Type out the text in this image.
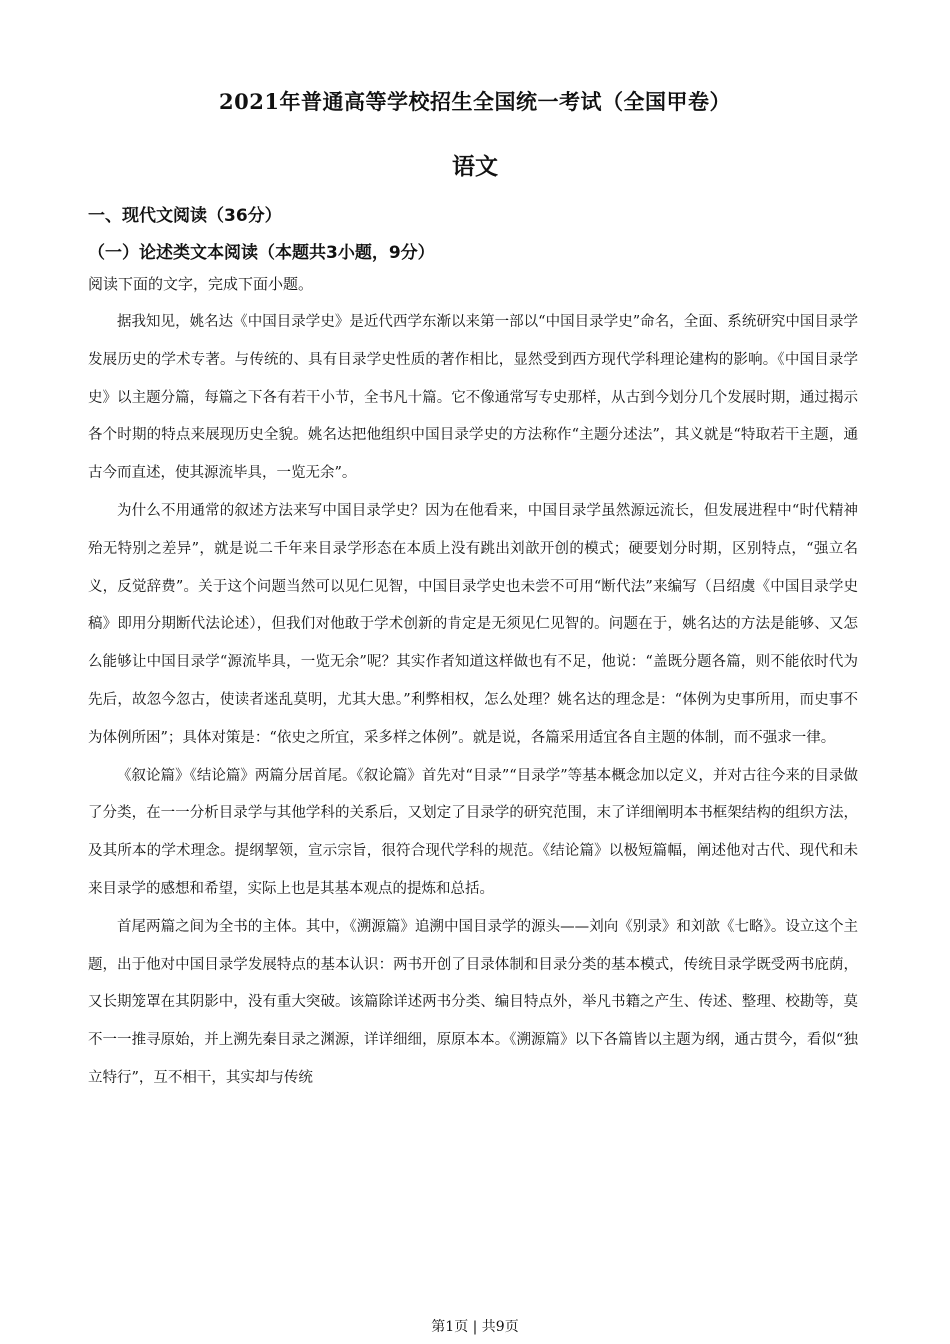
2021年普通高等学校招生全国统一考试（全国甲卷）
语文
一、现代文阅读（36分）
（一）论述类文本阅读（本题共3小题，9分）
阅读下面的文字，完成下面小题。

据我知见，姚名达《中国目录学史》是近代西学东渐以来第一部以“中国目录学史”命名，全面、系统研究中国目录学发展历史的学术专著。与传统的、具有目录学史性质的著作相比，显然受到西方现代学科理论建构的影响。《中国目录学史》以主题分篇，每篇之下各有若干小节，全书凡十篇。它不像通常写专史那样，从古到今划分几个发展时期，通过揭示各个时期的特点来展现历史全貌。姚名达把他组织中国目录学史的方法称作“主题分述法”，其义就是“特取若干主题，通古今而直述，使其源流毕具，一览无余”。

为什么不用通常的叙述方法来写中国目录学史？因为在他看来，中国目录学虽然源远流长，但发展进程中“时代精神殆无特别之差异”，就是说二千年来目录学形态在本质上没有跳出刘歆开创的模式；硬要划分时期，区别特点，“强立名义，反觉辞费”。关于这个问题当然可以见仁见智，中国目录学史也未尝不可用“断代法”来编写（吕绍虞《中国目录学史稿》即用分期断代法论述），但我们对他敢于学术创新的肯定是无须见仁见智的。问题在于，姚名达的方法是能够、又怎么能够让中国目录学“源流毕具，一览无余”呢？其实作者知道这样做也有不足，他说：“盖既分题各篇，则不能依时代为先后，故忽今忽古，使读者迷乱莫明，尤其大患。”利弊相权，怎么处理？姚名达的理念是：“体例为史事所用，而史事不为体例所困”；具体对策是：“依史之所宜，采多样之体例”。就是说，各篇采用适宜各自主题的体制，而不强求一律。

《叙论篇》《结论篇》两篇分居首尾。《叙论篇》首先对“目录”“目录学”等基本概念加以定义，并对古往今来的目录做了分类，在一一分析目录学与其他学科的关系后，又划定了目录学的研究范围，末了详细阐明本书框架结构的组织方法，及其所本的学术理念。提纲挈领，宣示宗旨，很符合现代学科的规范。《结论篇》以极短篇幅，阐述他对古代、现代和未来目录学的感想和希望，实际上也是其基本观点的提炼和总括。

首尾两篇之间为全书的主体。其中，《溯源篇》追溯中国目录学的源头——刘向《别录》和刘歆《七略》。设立这个主题，出于他对中国目录学发展特点的基本认识：两书开创了目录体制和目录分类的基本模式，传统目录学既受两书庇荫，又长期笼罩在其阴影中，没有重大突破。该篇除详述两书分类、编目特点外，举凡书籍之产生、传述、整理、校勘等，莫不一一推寻原始，并上溯先秦目录之渊源，详详细细，原原本本。《溯源篇》以下各篇皆以主题为纲，通古贯今，看似“独立特行”，互不相干，其实却与传统

第1页 | 共9页
